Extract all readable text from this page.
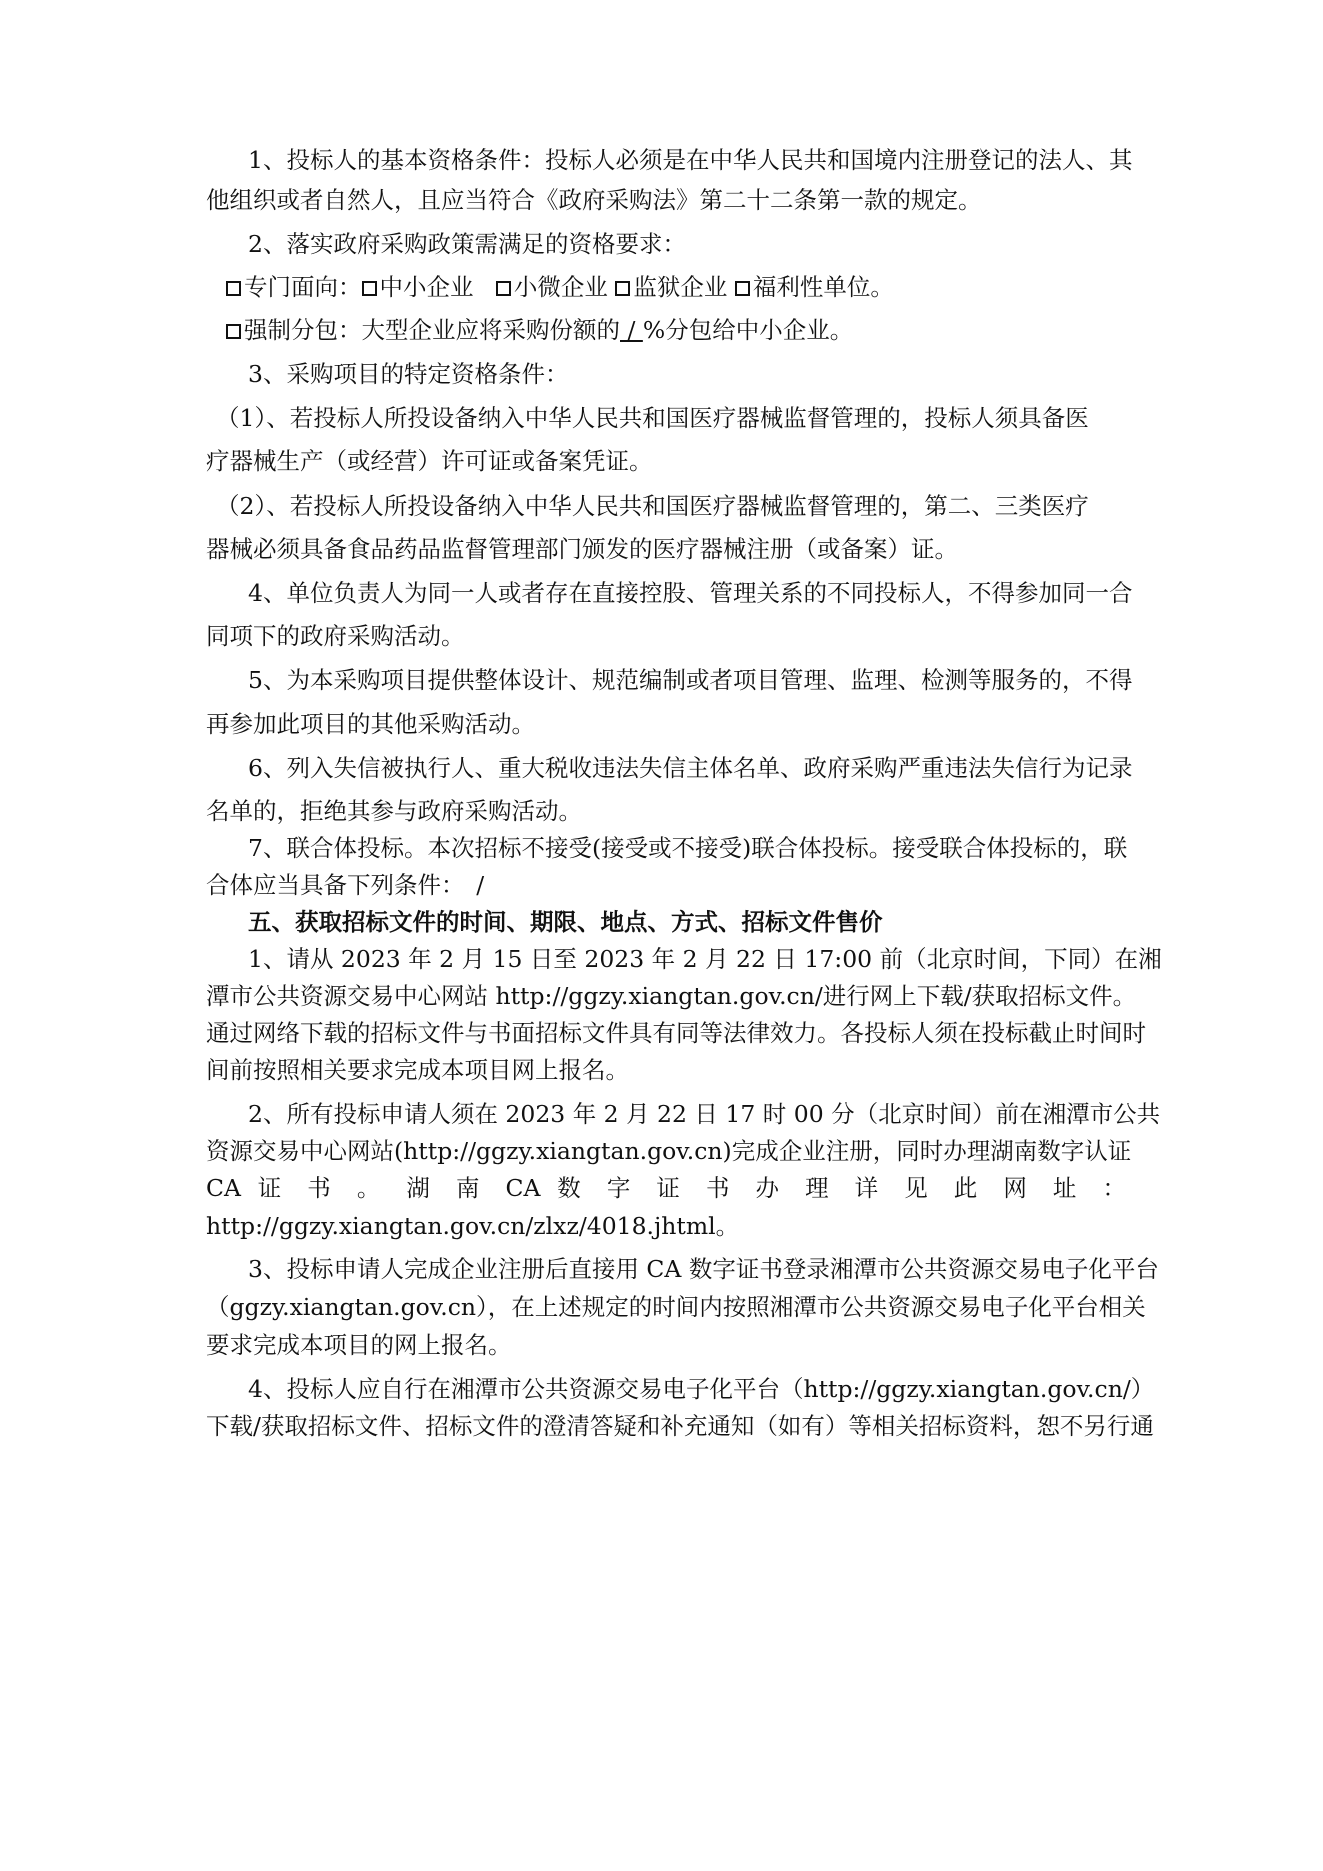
1、投标人的基本资格条件：投标人必须是在中华人民共和国境内注册登记的法人、其
他组织或者自然人，且应当符合《政府采购法》第二十二条第一款的规定。
2、落实政府采购政策需满足的资格要求：
专门面向： 中小企业 小微企业 监狱企业 福利性单位。
强制分包：大型企业应将采购份额的 / %分包给中小企业。
3、采购项目的特定资格条件：
（1）、若投标人所投设备纳入中华人民共和国医疗器械监督管理的，投标人须具备医
疗器械生产（或经营）许可证或备案凭证。
（2）、若投标人所投设备纳入中华人民共和国医疗器械监督管理的，第二、三类医疗
器械必须具备食品药品监督管理部门颁发的医疗器械注册（或备案）证。
4、单位负责人为同一人或者存在直接控股、管理关系的不同投标人，不得参加同一合
同项下的政府采购活动。
5、为本采购项目提供整体设计、规范编制或者项目管理、监理、检测等服务的，不得
再参加此项目的其他采购活动。
6、列入失信被执行人、重大税收违法失信主体名单、政府采购严重违法失信行为记录
名单的，拒绝其参与政府采购活动。
7、联合体投标。本次招标不接受(接受或不接受)联合体投标。接受联合体投标的，联
合体应当具备下列条件：　/
五、获取招标文件的时间、期限、地点、方式、招标文件售价
1、请从 2023 年 2 月 15 日至 2023 年 2 月 22 日 17:00 前（北京时间，下同）在湘
潭市公共资源交易中心网站 http://ggzy.xiangtan.gov.cn/进行网上下载/获取招标文件。
通过网络下载的招标文件与书面招标文件具有同等法律效力。各投标人须在投标截止时间时
间前按照相关要求完成本项目网上报名。
2、所有投标申请人须在 2023 年 2 月 22 日 17 时 00 分（北京时间）前在湘潭市公共
资源交易中心网站(http://ggzy.xiangtan.gov.cn)完成企业注册，同时办理湖南数字认证
CA 证 书 。 湖 南 CA 数 字 证 书 办 理 详 见 此 网 址 ：
http://ggzy.xiangtan.gov.cn/zlxz/4018.jhtml。
3、投标申请人完成企业注册后直接用 CA 数字证书登录湘潭市公共资源交易电子化平台
（ggzy.xiangtan.gov.cn），在上述规定的时间内按照湘潭市公共资源交易电子化平台相关
要求完成本项目的网上报名。
4、投标人应自行在湘潭市公共资源交易电子化平台（http://ggzy.xiangtan.gov.cn/）
下载/获取招标文件、招标文件的澄清答疑和补充通知（如有）等相关招标资料，恕不另行通
